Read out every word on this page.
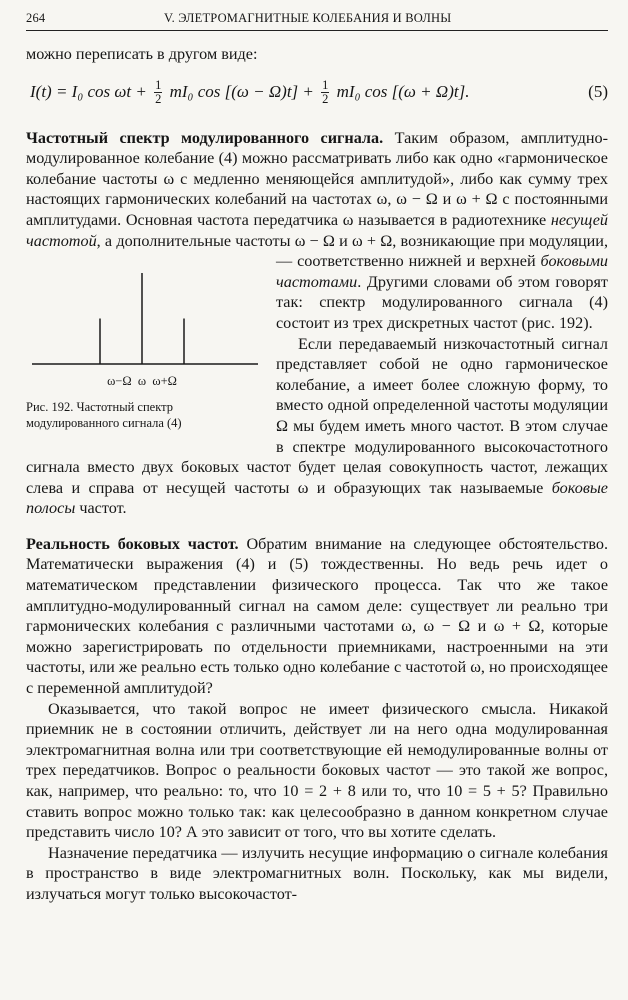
264	V. ЭЛЕТРОМАГНИТНЫЕ КОЛЕБАНИЯ И ВОЛНЫ

можно переписать в другом виде:

I(t) = I₀ $\cos \omega t + \frac{1}{2} mI_0$ $\cos [(\omega - \Omega)t] + \frac{1}{2} mI_0$ cos [(ω + Ω)t].	(5)

Частотный спектр модулированного сигнала. Таким образом, амплитудно-модулированное колебание (4) можно рассматривать либо как одно «гармоническое колебание частоты ω с медленно меняющейся амплитудой», либо как сумму трех настоящих гармонических колебаний на частотах ω, ω − Ω и ω + Ω с постоянными амплитудами. Основная частота передатчика ω называется в радиотехнике несущей частотой, а дополнительные частоты ω − Ω и ω + Ω, возникающие при модуляции, — соответственно нижней и верхней
ω−Ω  ω  ω+Ω
Рис. 192. Частотный спектр модулированного сигнала (4)
боковыми частотами. Другими словами об этом говорят так: спектр модулированного сигнала (4) состоит из трех дискретных частот (рис. 192).

Если передаваемый низкочастотный сигнал представляет собой не одно гармоническое колебание, а имеет более сложную форму, то вместо одной определенной частоты модуляции Ω мы будем иметь много частот. В этом случае в спектре модулированного высокочастотного сигнала вместо двух боковых частот будет целая совокупность частот, лежащих слева и справа от несущей частоты ω и образующих так называемые боковые полосы частот.

Реальность боковых частот. Обратим внимание на следующее обстоятельство. Математически выражения (4) и (5) тождественны. Но ведь речь идет о математическом представлении физического процесса. Так что же такое амплитудно-модулированный сигнал на самом деле: существует ли реально три гармонических колебания с различными частотами ω, ω − Ω и ω + Ω, которые можно зарегистрировать по отдельности приемниками, настроенными на эти частоты, или же реально есть только одно колебание с частотой ω, но происходящее с переменной амплитудой?

Оказывается, что такой вопрос не имеет физического смысла. Никакой приемник не в состоянии отличить, действует ли на него одна модулированная электромагнитная волна или три соответствующие ей немодулированные волны от трех передатчиков. Вопрос о реальности боковых частот — это такой же вопрос, как, например, что реально: то, что 10 = 2 + 8 или то, что 10 = 5 + 5? Правильно ставить вопрос можно только так: как целесообразно в данном конкретном случае представить число 10? А это зависит от того, что вы хотите сделать.

Назначение передатчика — излучить несущие информацию о сигнале колебания в пространство в виде электромагнитных волн. Поскольку, как мы видели, излучаться могут только высокочастот-
